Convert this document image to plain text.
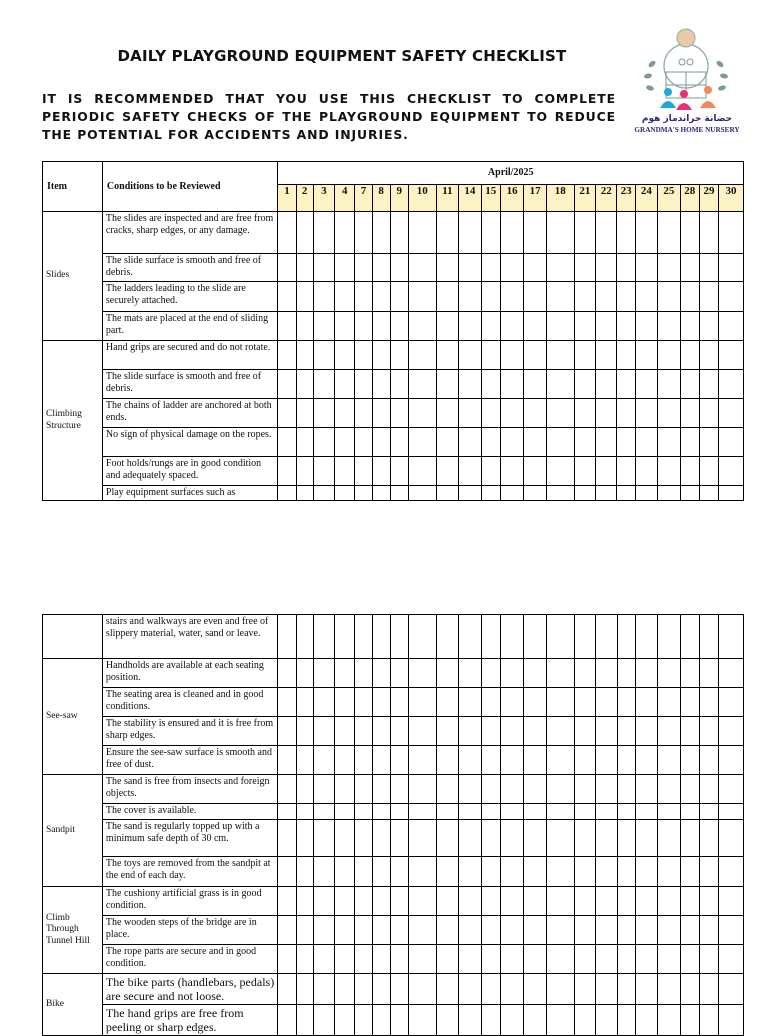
DAILY PLAYGROUND EQUIPMENT SAFETY CHECKLIST
IT IS RECOMMENDED THAT YOU USE THIS CHECKLIST TO COMPLETE PERIODIC SAFETY CHECKS OF THE PLAYGROUND EQUIPMENT TO REDUCE THE POTENTIAL FOR ACCIDENTS AND INJURIES.
حضانة جراندماز هوم
GRANDMA'S HOME NURSERY
Item	Conditions to be Reviewed	April/2025																					
		1	2	3	4	7	8	9	10	11	14	15	16	17	18	21	22	23	24	25	28	29	30
Slides	The slides are inspected and are free from cracks, sharp edges, or any damage.																						
	The slide surface is smooth and free of debris.																						
	The ladders leading to the slide are securely attached.																						
	The mats are placed at the end of sliding part.																						
Climbing Structure	Hand grips are secured and do not rotate.																						
	The slide surface is smooth and free of debris.																						
	The chains of ladder are anchored at both ends.																						
	No sign of physical damage on the ropes.																						
	Foot holds/rungs are in good condition and adequately spaced.																						
	Play equipment surfaces such as																						
	stairs and walkways are even and free of slippery material, water, sand or leave.																						
See-saw	Handholds are available at each seating position.																						
	The seating area is cleaned and in good conditions.																						
	The stability is ensured and it is free from sharp edges.																						
	Ensure the see-saw surface is smooth and free of dust.																						
Sandpit	The sand is free from insects and foreign objects.																						
	The cover is available.																						
	The sand is regularly topped up with a minimum safe depth of 30 cm.																						
	The toys are removed from the sandpit at the end of each day.																						
Climb Through Tunnel Hill	The cushiony artificial grass is in good condition.																						
	The wooden steps of the bridge are in place.																						
	The rope parts are secure and in good condition.																						
Bike	The bike parts (handlebars, pedals) are secure and not loose.																						
	The hand grips are free from peeling or sharp edges.																						
